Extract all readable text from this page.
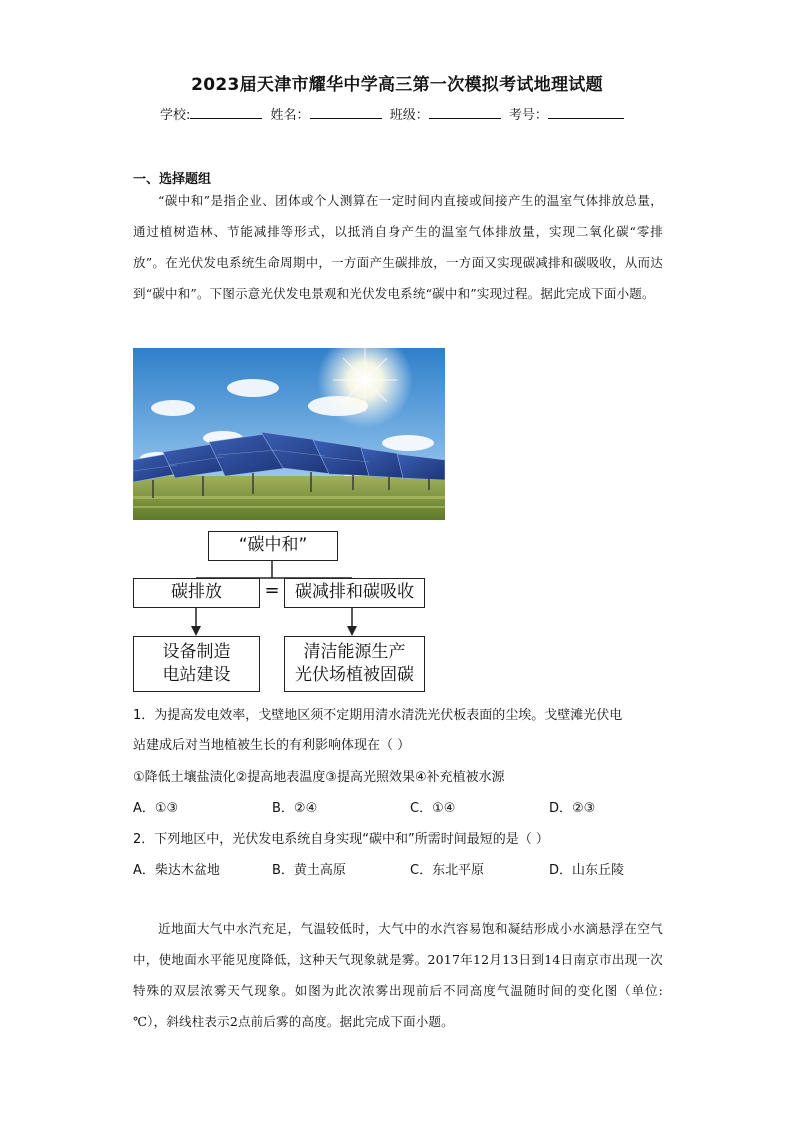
2023届天津市耀华中学高三第一次模拟考试地理试题
学校:	姓名：	班级：	考号：
一、选择题组
“碳中和”是指企业、团体或个人测算在一定时间内直接或间接产生的温室气体排放总量，通过植树造林、节能减排等形式，以抵消自身产生的温室气体排放量，实现二氧化碳“零排放”。在光伏发电系统生命周期中，一方面产生碳排放，一方面又实现碳减排和碳吸收，从而达到“碳中和”。下图示意光伏发电景观和光伏发电系统“碳中和”实现过程。据此完成下面小题。
“碳中和”
碳排放	= 碳减排和碳吸收
设备制造
电站建设
清洁能源生产
光伏场植被固碳
1．为提高发电效率，戈壁地区须不定期用清水清洗光伏板表面的尘埃。戈壁滩光伏电
站建成后对当地植被生长的有利影响体现在（ ）
①降低土壤盐渍化②提高地表温度③提高光照效果④补充植被水源
A．①③	B．②④	C．①④	D．②③
2．下列地区中，光伏发电系统自身实现“碳中和”所需时间最短的是（ ）
A．柴达木盆地	B．黄土高原	C．东北平原	D．山东丘陵
近地面大气中水汽充足，气温较低时，大气中的水汽容易饱和凝结形成小水滴悬浮在空气中，使地面水平能见度降低，这种天气现象就是雾。2017年12月13日到14日南京市出现一次特殊的双层浓雾天气现象。如图为此次浓雾出现前后不同高度气温随时间的变化图（单位:℃），斜线柱表示2点前后雾的高度。据此完成下面小题。
